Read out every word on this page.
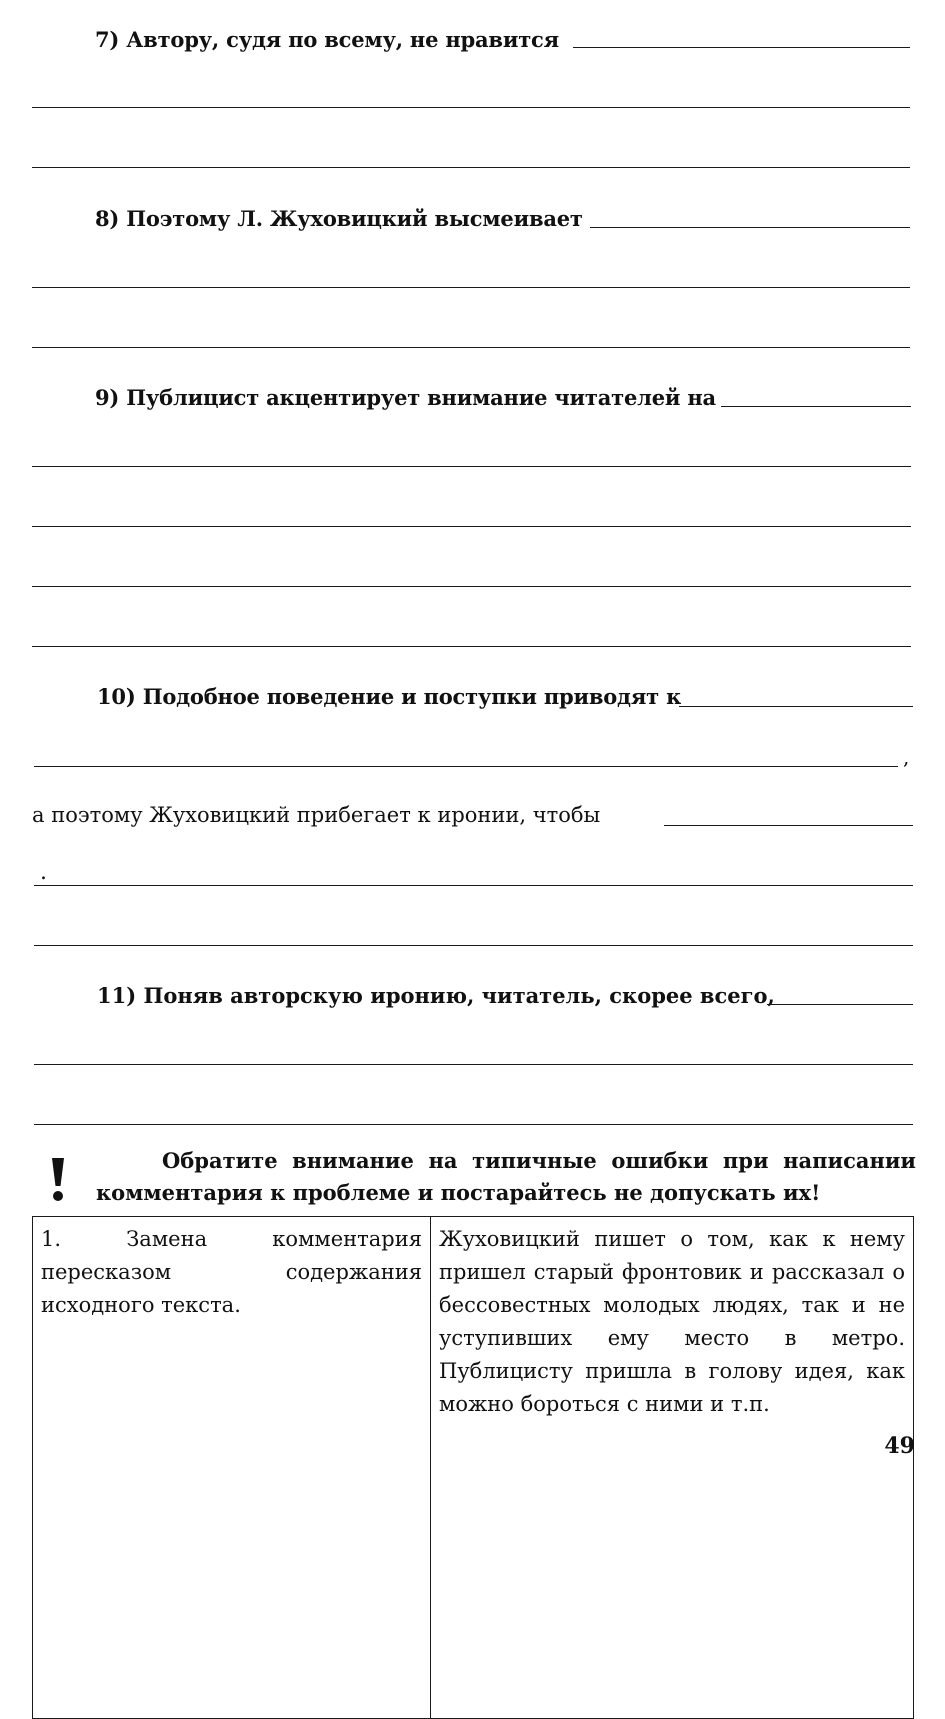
7) Автору, судя по всему, не нравится
8) Поэтому Л. Жуховицкий высмеивает
9) Публицист акцентирует внимание читателей на
10) Подобное поведение и поступки приводят к
,
а поэтому Жуховицкий прибегает к иронии, чтобы
.
11) Поняв авторскую иронию, читатель, скорее всего,
Обратите внимание на типичные ошибки при написании комментария к проблеме и постарайтесь не допускать их!
1. Замена комментария пересказом содержания исходного текста.
Жуховицкий пишет о том, как к нему пришел старый фронтовик и рассказал о бессовестных молодых людях, так и не уступивших ему место в метро. Публицисту пришла в голову идея, как можно бороться с ними и т.п.
49
